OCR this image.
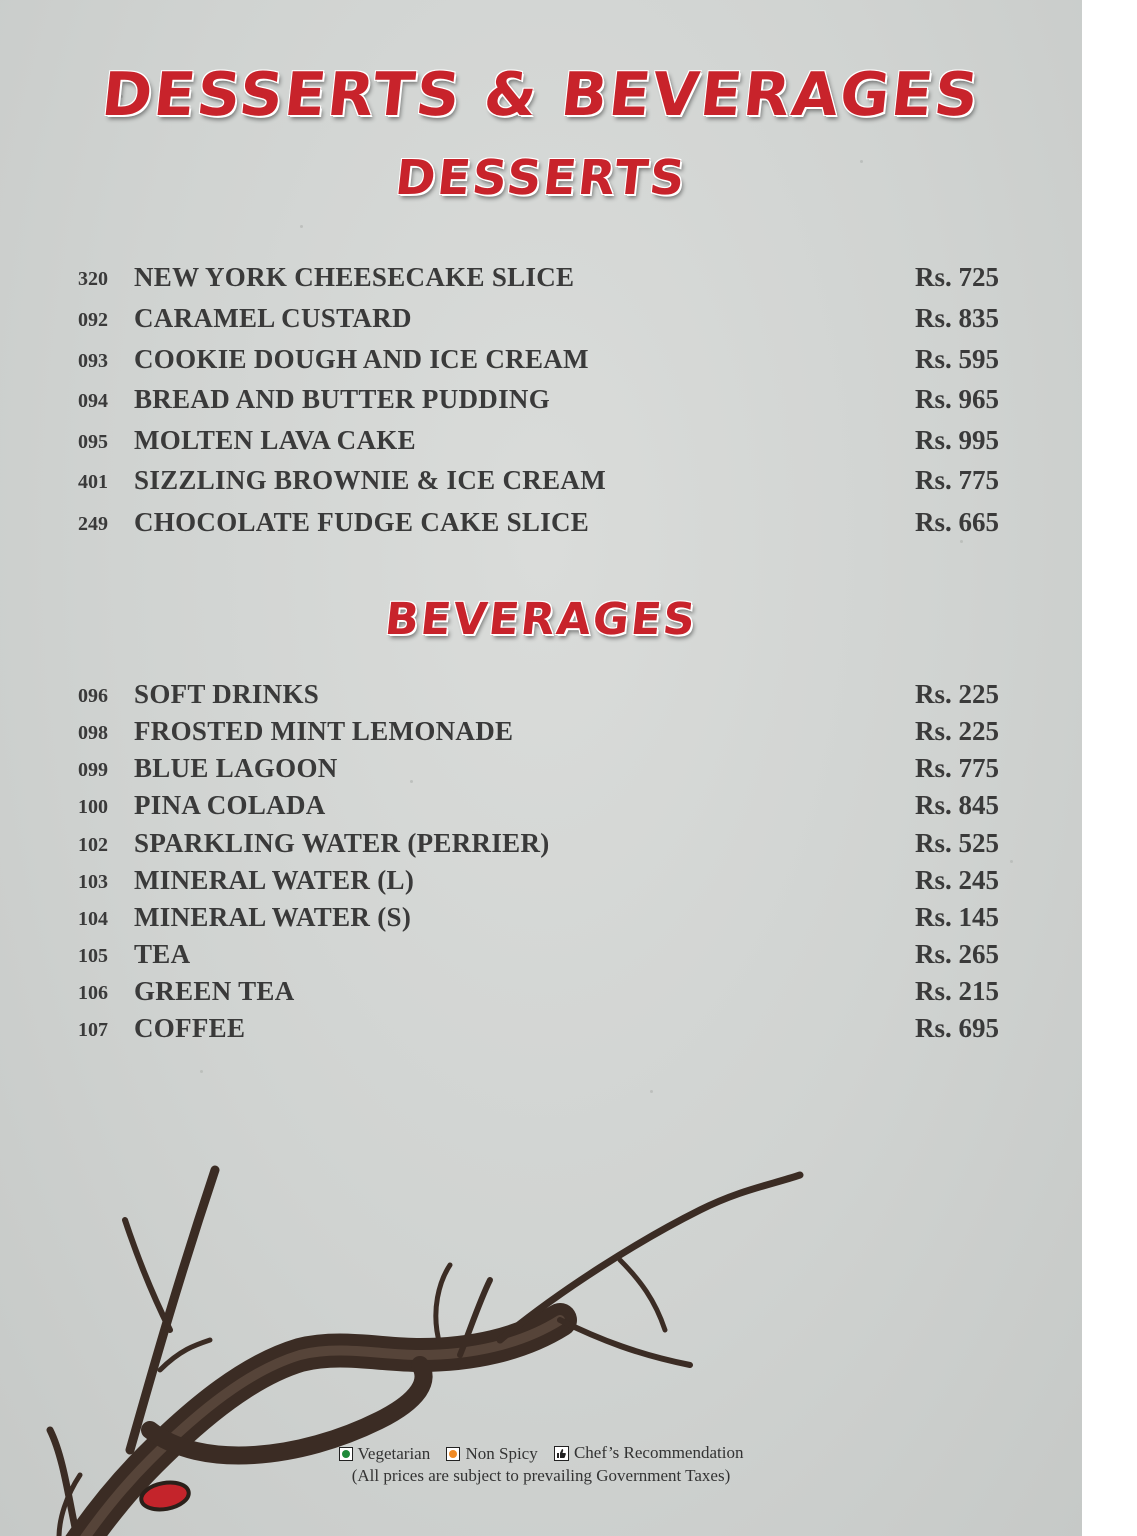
DESSERTS & BEVERAGES
DESSERTS
320 NEW YORK CHEESECAKE SLICE	Rs. 725
092 CARAMEL CUSTARD	Rs. 835
093 COOKIE DOUGH AND ICE CREAM	Rs. 595
094 BREAD AND BUTTER PUDDING	Rs. 965
095 MOLTEN LAVA CAKE	Rs. 995
401 SIZZLING BROWNIE & ICE CREAM	Rs. 775
249 CHOCOLATE FUDGE CAKE SLICE	Rs. 665
BEVERAGES
096 SOFT DRINKS	Rs. 225
098 FROSTED MINT LEMONADE	Rs. 225
099 BLUE LAGOON	Rs. 775
100 PINA COLADA	Rs. 845
102 SPARKLING WATER (PERRIER)	Rs. 525
103 MINERAL WATER (L)	Rs. 245
104 MINERAL WATER (S)	Rs. 145
105 TEA	Rs. 265
106 GREEN TEA	Rs. 215
107 COFFEE	Rs. 695
Vegetarian
Non Spicy
Chef’s Recommendation
(All prices are subject to prevailing Government Taxes)
